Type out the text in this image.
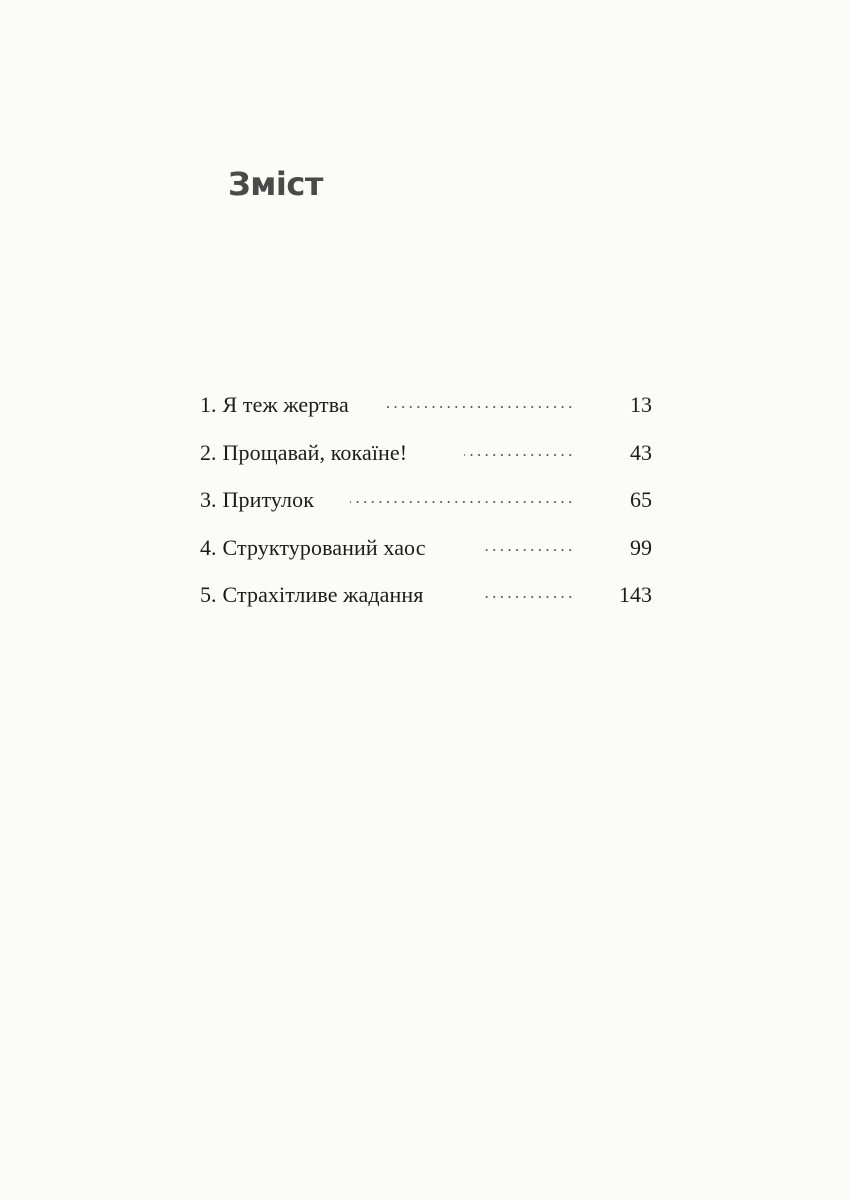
Зміст
1. Я теж жертва	13
2. Прощавай, кокаїне!	43
3. Притулок	65
4. Структурований хаос	99
5. Страхітливе жадання	143
